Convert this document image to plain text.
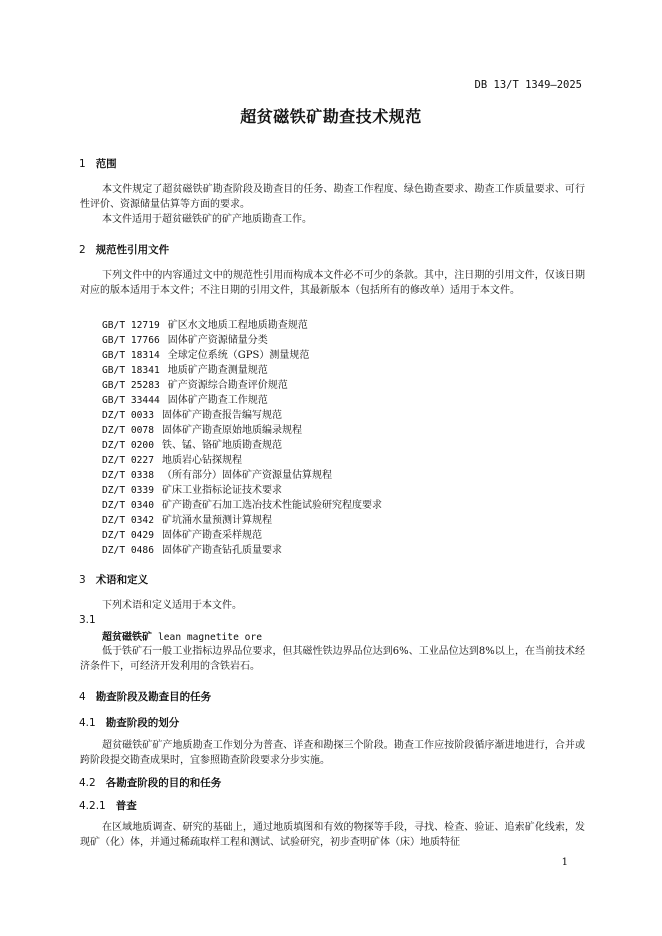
DB 13/T 1349—2025
超贫磁铁矿勘查技术规范
1 范围
本文件规定了超贫磁铁矿勘查阶段及勘查目的任务、勘查工作程度、绿色勘查要求、勘查工作质量要求、可行性评价、资源储量估算等方面的要求。
本文件适用于超贫磁铁矿的矿产地质勘查工作。
2 规范性引用文件
下列文件中的内容通过文中的规范性引用而构成本文件必不可少的条款。其中，注日期的引用文件，仅该日期对应的版本适用于本文件；不注日期的引用文件，其最新版本（包括所有的修改单）适用于本文件。
GB/T 12719 矿区水文地质工程地质勘查规范
GB/T 17766 固体矿产资源储量分类
GB/T 18314 全球定位系统（GPS）测量规范
GB/T 18341 地质矿产勘查测量规范
GB/T 25283 矿产资源综合勘查评价规范
GB/T 33444 固体矿产勘查工作规范
DZ/T 0033 固体矿产勘查报告编写规范
DZ/T 0078 固体矿产勘查原始地质编录规程
DZ/T 0200 铁、锰、铬矿地质勘查规范
DZ/T 0227 地质岩心钻探规程
DZ/T 0338 （所有部分）固体矿产资源量估算规程
DZ/T 0339 矿床工业指标论证技术要求
DZ/T 0340 矿产勘查矿石加工选冶技术性能试验研究程度要求
DZ/T 0342 矿坑涌水量预测计算规程
DZ/T 0429 固体矿产勘查采样规范
DZ/T 0486 固体矿产勘查钻孔质量要求
3 术语和定义
下列术语和定义适用于本文件。
3.1
超贫磁铁矿 lean magnetite ore
低于铁矿石一般工业指标边界品位要求，但其磁性铁边界品位达到6%、工业品位达到8%以上，在当前技术经济条件下，可经济开发利用的含铁岩石。
4 勘查阶段及勘查目的任务
4.1 勘查阶段的划分
超贫磁铁矿矿产地质勘查工作划分为普查、详查和勘探三个阶段。勘查工作应按阶段循序渐进地进行，合并或跨阶段提交勘查成果时，宜参照勘查阶段要求分步实施。
4.2 各勘查阶段的目的和任务
4.2.1 普查
在区域地质调查、研究的基础上，通过地质填图和有效的物探等手段，寻找、检查、验证、追索矿化线索，发现矿（化）体，并通过稀疏取样工程和测试、试验研究，初步查明矿体（床）地质特征
1
